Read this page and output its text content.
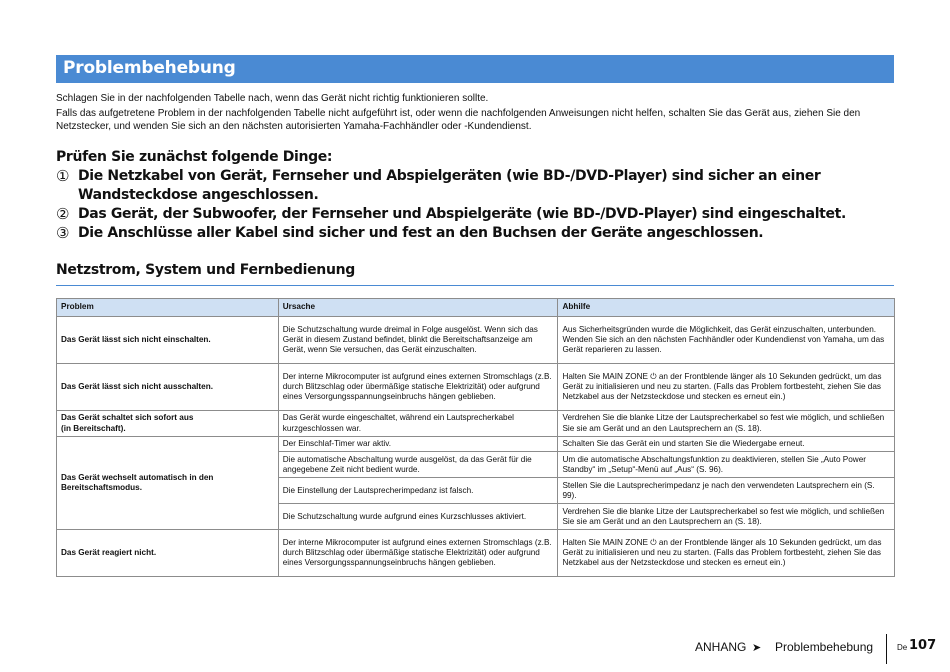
Problembehebung
Schlagen Sie in der nachfolgenden Tabelle nach, wenn das Gerät nicht richtig funktionieren sollte.
Falls das aufgetretene Problem in der nachfolgenden Tabelle nicht aufgeführt ist, oder wenn die nachfolgenden Anweisungen nicht helfen, schalten Sie das Gerät aus, ziehen Sie den Netzstecker, und wenden Sie sich an den nächsten autorisierten Yamaha-Fachhändler oder -Kundendienst.
Prüfen Sie zunächst folgende Dinge:
① Die Netzkabel von Gerät, Fernseher und Abspielgeräten (wie BD-/DVD-Player) sind sicher an einer Wandsteckdose angeschlossen.
② Das Gerät, der Subwoofer, der Fernseher und Abspielgeräte (wie BD-/DVD-Player) sind eingeschaltet.
③ Die Anschlüsse aller Kabel sind sicher und fest an den Buchsen der Geräte angeschlossen.
Netzstrom, System und Fernbedienung
Problem	Ursache	Abhilfe
Das Gerät lässt sich nicht einschalten.	Die Schutzschaltung wurde dreimal in Folge ausgelöst. Wenn sich das Gerät in diesem Zustand befindet, blinkt die Bereitschaftsanzeige am Gerät, wenn Sie versuchen, das Gerät einzuschalten.	Aus Sicherheitsgründen wurde die Möglichkeit, das Gerät einzuschalten, unterbunden. Wenden Sie sich an den nächsten Fachhändler oder Kundendienst von Yamaha, um das Gerät reparieren zu lassen.
Das Gerät lässt sich nicht ausschalten.	Der interne Mikrocomputer ist aufgrund eines externen Stromschlags (z.B. durch Blitzschlag oder übermäßige statische Elektrizität) oder aufgrund eines Versorgungsspannungseinbruchs hängen geblieben.	Halten Sie MAIN ZONE ⏻ an der Frontblende länger als 10 Sekunden gedrückt, um das Gerät zu initialisieren und neu zu starten. (Falls das Problem fortbesteht, ziehen Sie das Netzkabel aus der Netzsteckdose und stecken es erneut ein.)
Das Gerät schaltet sich sofort aus
(in Bereitschaft).	Das Gerät wurde eingeschaltet, während ein Lautsprecherkabel kurzgeschlossen war.	Verdrehen Sie die blanke Litze der Lautsprecherkabel so fest wie möglich, und schließen Sie sie am Gerät und an den Lautsprechern an (S. 18).
Das Gerät wechselt automatisch in den
Bereitschaftsmodus.	Der Einschlaf-Timer war aktiv.	Schalten Sie das Gerät ein und starten Sie die Wiedergabe erneut.
	Die automatische Abschaltung wurde ausgelöst, da das Gerät für die angegebene Zeit nicht bedient wurde.	Um die automatische Abschaltungsfunktion zu deaktivieren, stellen Sie „Auto Power Standby“ im „Setup“-Menü auf „Aus“ (S. 96).
	Die Einstellung der Lautsprecherimpedanz ist falsch.	Stellen Sie die Lautsprecherimpedanz je nach den verwendeten Lautsprechern ein (S. 99).
	Die Schutzschaltung wurde aufgrund eines Kurzschlusses aktiviert.	Verdrehen Sie die blanke Litze der Lautsprecherkabel so fest wie möglich, und schließen Sie sie am Gerät und an den Lautsprechern an (S. 18).
Das Gerät reagiert nicht.	Der interne Mikrocomputer ist aufgrund eines externen Stromschlags (z.B. durch Blitzschlag oder übermäßige statische Elektrizität) oder aufgrund eines Versorgungsspannungseinbruchs hängen geblieben.	Halten Sie MAIN ZONE ⏻ an der Frontblende länger als 10 Sekunden gedrückt, um das Gerät zu initialisieren und neu zu starten. (Falls das Problem fortbesteht, ziehen Sie das Netzkabel aus der Netzsteckdose und stecken es erneut ein.)
ANHANG ➤ Problembehebung	De 107
